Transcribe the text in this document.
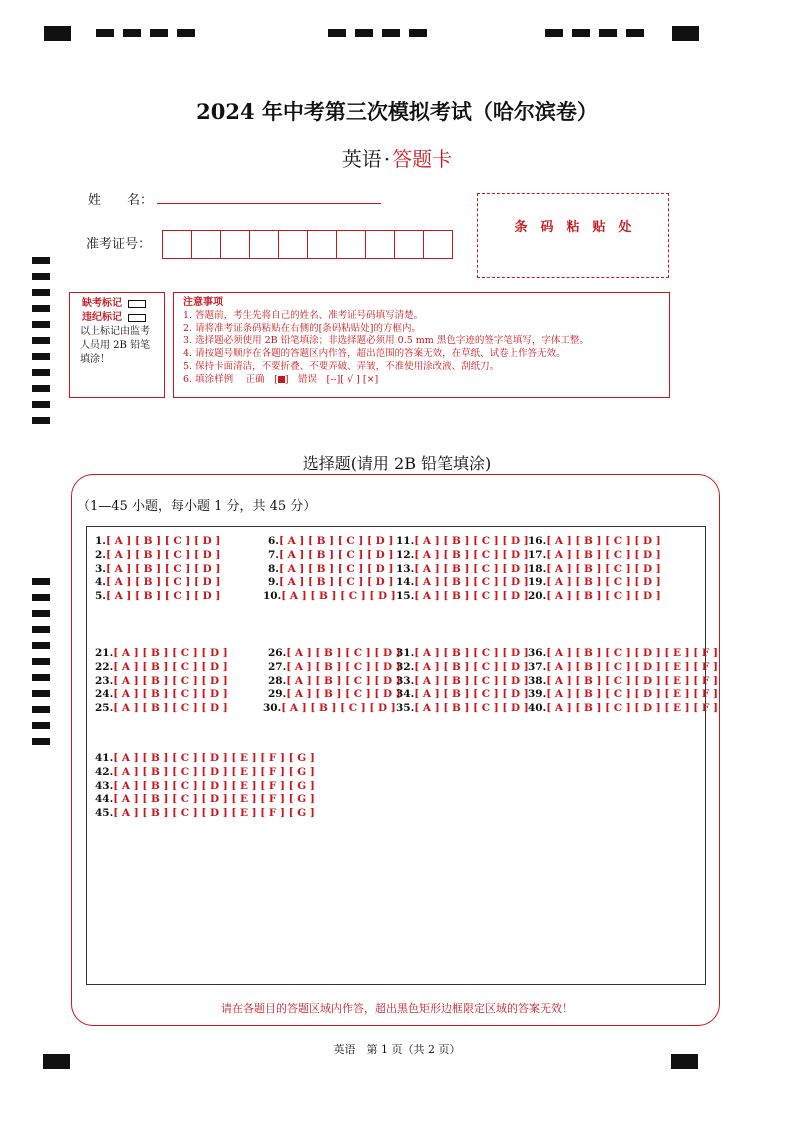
2024 年中考第三次模拟考试（哈尔滨卷）
英语 · 答题卡
姓　　名：
准考证号：
条码粘贴处
缺考标记
违纪标记
以上标记由监考
人员用 2B 铅笔
填涂！
注意事项
1. 答题前，考生先将自己的姓名、准考证号码填写清楚。
2. 请将准考证条码粘贴在右侧的[条码粘贴处]的方框内。
3. 选择题必须使用 2B 铅笔填涂；非选择题必须用 0.5 mm 黑色字迹的签字笔填写，字体工整。
4. 请按题号顺序在各题的答题区内作答，超出范围的答案无效，在草纸、试卷上作答无效。
5. 保持卡面清洁，不要折叠、不要弄破、弄皱，不准使用涂改液、刮纸刀。
6. 填涂样例　 正确　[ ]　错误　[--][ √ ] [×]
选择题(请用 2B 铅笔填涂)
（1—45 小题，每小题 1 分，共 45 分）
1.[ A ] [ B ] [ C ] [ D ]
2.[ A ] [ B ] [ C ] [ D ]
3.[ A ] [ B ] [ C ] [ D ]
4.[ A ] [ B ] [ C ] [ D ]
5.[ A ] [ B ] [ C ] [ D ]
6.[ A ] [ B ] [ C ] [ D ]
7.[ A ] [ B ] [ C ] [ D ]
8.[ A ] [ B ] [ C ] [ D ]
9.[ A ] [ B ] [ C ] [ D ]
10.[ A ] [ B ] [ C ] [ D ]
11.[ A ] [ B ] [ C ] [ D ]
12.[ A ] [ B ] [ C ] [ D ]
13.[ A ] [ B ] [ C ] [ D ]
14.[ A ] [ B ] [ C ] [ D ]
15.[ A ] [ B ] [ C ] [ D ]
16.[ A ] [ B ] [ C ] [ D ]
17.[ A ] [ B ] [ C ] [ D ]
18.[ A ] [ B ] [ C ] [ D ]
19.[ A ] [ B ] [ C ] [ D ]
20.[ A ] [ B ] [ C ] [ D ]
21.[ A ] [ B ] [ C ] [ D ]
22.[ A ] [ B ] [ C ] [ D ]
23.[ A ] [ B ] [ C ] [ D ]
24.[ A ] [ B ] [ C ] [ D ]
25.[ A ] [ B ] [ C ] [ D ]
26.[ A ] [ B ] [ C ] [ D ]
27.[ A ] [ B ] [ C ] [ D ]
28.[ A ] [ B ] [ C ] [ D ]
29.[ A ] [ B ] [ C ] [ D ]
30.[ A ] [ B ] [ C ] [ D ]
31.[ A ] [ B ] [ C ] [ D ]
32.[ A ] [ B ] [ C ] [ D ]
33.[ A ] [ B ] [ C ] [ D ]
34.[ A ] [ B ] [ C ] [ D ]
35.[ A ] [ B ] [ C ] [ D ]
36.[ A ] [ B ] [ C ] [ D ] [ E ] [ F ]
37.[ A ] [ B ] [ C ] [ D ] [ E ] [ F ]
38.[ A ] [ B ] [ C ] [ D ] [ E ] [ F ]
39.[ A ] [ B ] [ C ] [ D ] [ E ] [ F ]
40.[ A ] [ B ] [ C ] [ D ] [ E ] [ F ]
41.[ A ] [ B ] [ C ] [ D ] [ E ] [ F ] [ G ]
42.[ A ] [ B ] [ C ] [ D ] [ E ] [ F ] [ G ]
43.[ A ] [ B ] [ C ] [ D ] [ E ] [ F ] [ G ]
44.[ A ] [ B ] [ C ] [ D ] [ E ] [ F ] [ G ]
45.[ A ] [ B ] [ C ] [ D ] [ E ] [ F ] [ G ]
请在各题目的答题区域内作答，超出黑色矩形边框限定区域的答案无效！
英语　第 1 页（共 2 页）
